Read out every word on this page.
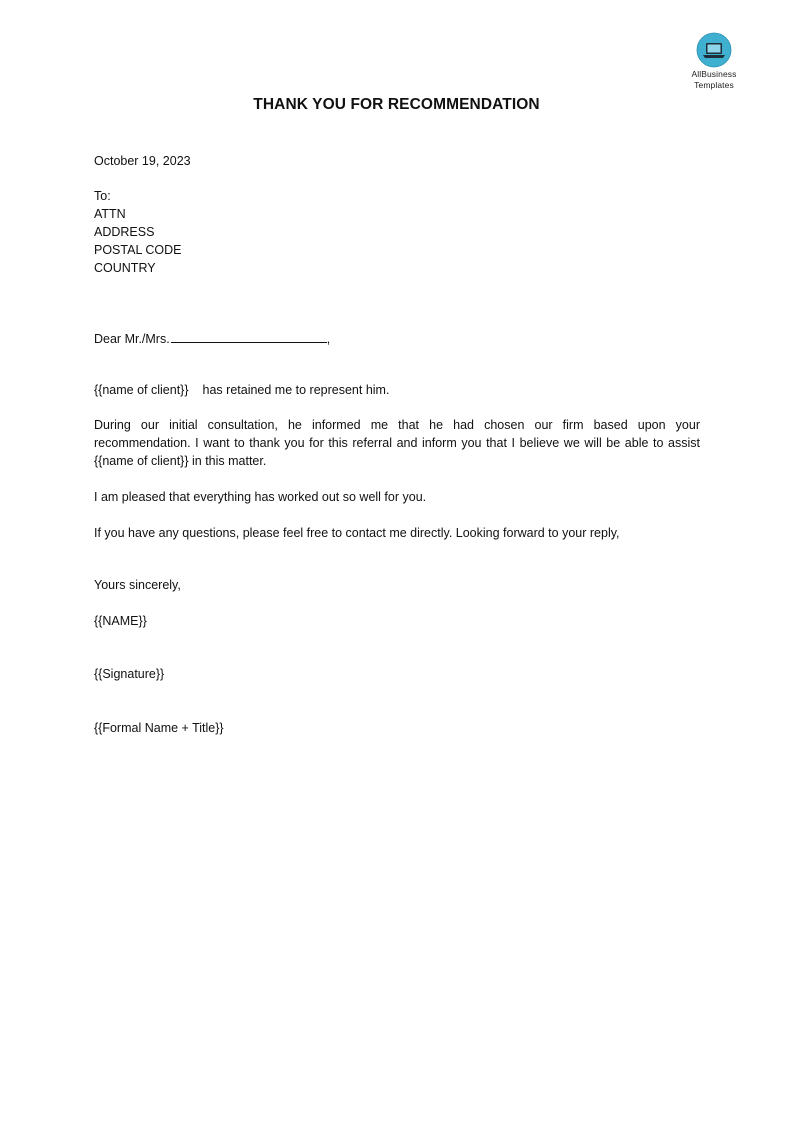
AllBusiness
Templates
THANK YOU FOR RECOMMENDATION
October 19, 2023
To:
ATTN
ADDRESS
POSTAL CODE
COUNTRY
Dear Mr./Mrs.	,
{{name of client}} has retained me to represent him.
During our initial consultation, he informed me that he had chosen our firm based upon your recommendation. I want to thank you for this referral and inform you that I believe we will be able to assist {{name of client}} in this matter.
I am pleased that everything has worked out so well for you.
If you have any questions, please feel free to contact me directly. Looking forward to your reply,
Yours sincerely,
{{NAME}}
{{Signature}}
{{Formal Name + Title}}
